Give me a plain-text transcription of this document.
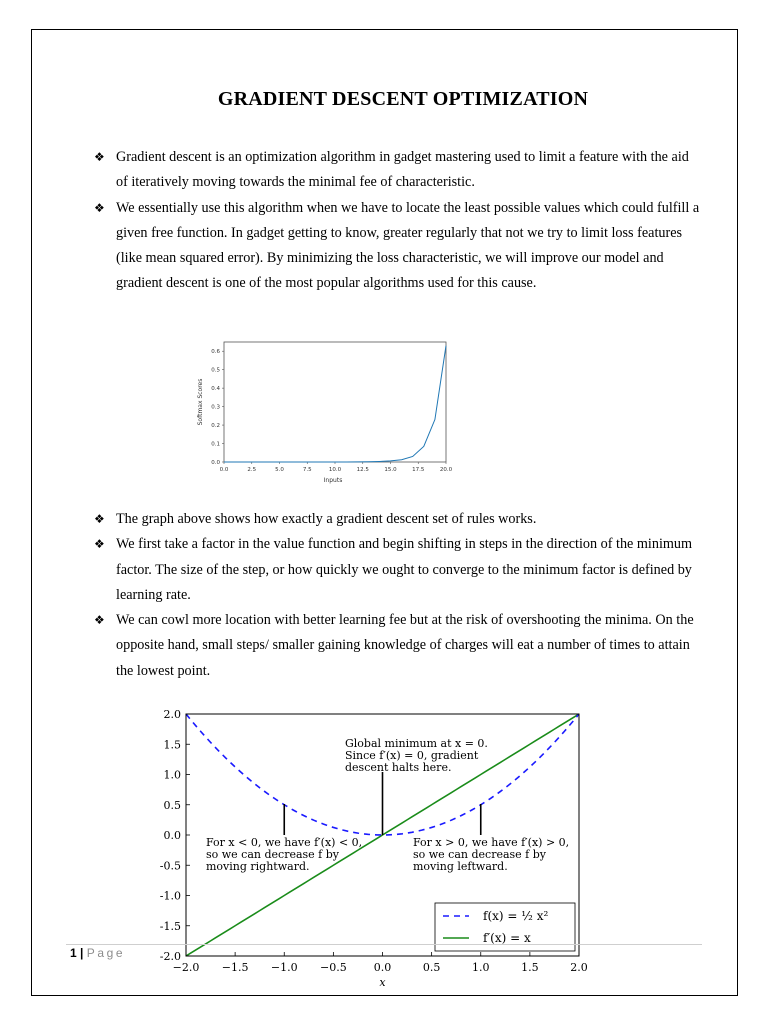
GRADIENT DESCENT OPTIMIZATION
❖ Gradient descent is an optimization algorithm in gadget mastering used to limit a feature with the aid of iteratively moving towards the minimal fee of characteristic.
❖ We essentially use this algorithm when we have to locate the least possible values which could fulfill a given free function. In gadget getting to know, greater regularly that not we try to limit loss features (like mean squared error). By minimizing the loss characteristic, we will improve our model and gradient descent is one of the most popular algorithms used for this cause.
0.0
0.1
0.2
0.3
0.4
0.5
0.6
0.0	2.5	5.0	7.5	10.0	12.5	15.0	17.5	20.0
Inputs
Softmax Scores
❖ The graph above shows how exactly a gradient descent set of rules works.
❖ We first take a factor in the value function and begin shifting in steps in the direction of the minimum factor. The size of the step, or how quickly we ought to converge to the minimum factor is defined by learning rate.
❖ We can cowl more location with better learning fee but at the risk of overshooting the minima. On the opposite hand, small steps/ smaller gaining knowledge of charges will eat a number of times to attain the lowest point.
2.0
1.5
1.0
0.5
0.0
-0.5
-1.0
-1.5
-2.0
−2.0 −1.5 −1.0 −0.5 0.0	0.5	1.0	1.5	2.0
x
Global minimum at x = 0.
Since f′(x) = 0, gradient
descent halts here.
For x < 0, we have f′(x) < 0,
so we can decrease f by
moving rightward.
For x > 0, we have f′(x) > 0,
so we can decrease f by
moving leftward.
f(x) = ½ x²
f′(x) = x
1 | Page
